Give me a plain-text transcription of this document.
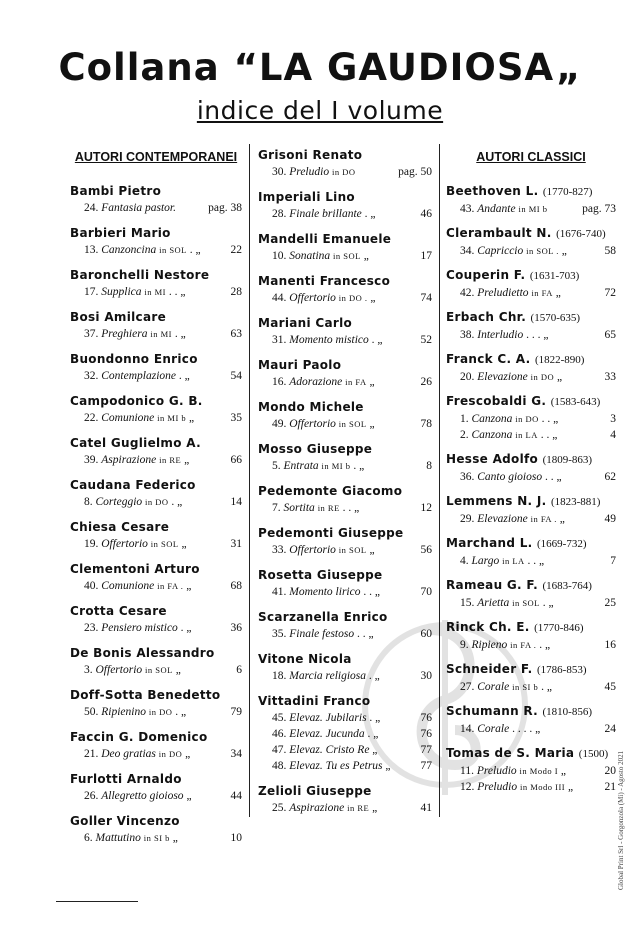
Collana “LA GAUDIOSA„
indice del I volume
AUTORI CONTEMPORANEI
Bambi Pietro
24. Fantasia pastor.	pag. 38
Barbieri Mario
13. Canzoncina in SOL . „	22
Baronchelli Nestore
17. Supplica in MI . . „	28
Bosi Amilcare
37. Preghiera in MI . „	63
Buondonno Enrico
32. Contemplazione . „	54
Campodonico G. B.
22. Comunione in MI b „	35
Catel Guglielmo A.
39. Aspirazione in RE „	66
Caudana Federico
8. Corteggio in DO . „	14
Chiesa Cesare
19. Offertorio in SOL „	31
Clementoni Arturo
40. Comunione in FA . „	68
Crotta Cesare
23. Pensiero mistico . „	36
De Bonis Alessandro
3. Offertorio in SOL „	6
Doff-Sotta Benedetto
50. Ripienino in DO . „	79
Faccin G. Domenico
21. Deo gratias in DO „	34
Furlotti Arnaldo
26. Allegretto gioioso „	44
Goller Vincenzo
6. Mattutino in SI b „	10
Grisoni Renato
30. Preludio in DO	pag. 50
Imperiali Lino
28. Finale brillante . „	46
Mandelli Emanuele
10. Sonatina in SOL „	17
Manenti Francesco
44. Offertorio in DO . „	74
Mariani Carlo
31. Momento mistico . „	52
Mauri Paolo
16. Adorazione in FA „	26
Mondo Michele
49. Offertorio in SOL „	78
Mosso Giuseppe
5. Entrata in MI b . „	8
Pedemonte Giacomo
7. Sortita in RE . . „	12
Pedemonti Giuseppe
33. Offertorio in SOL „	56
Rosetta Giuseppe
41. Momento lirico . . „	70
Scarzanella Enrico
35. Finale festoso . . „	60
Vitone Nicola
18. Marcia religiosa . „	30
Vittadini Franco
45. Elevaz. Jubilaris . „	76
46. Elevaz. Jucunda . „	76
47. Elevaz. Cristo Re „	77
48. Elevaz. Tu es Petrus „	77
Zelioli Giuseppe
25. Aspirazione in RE „	41
AUTORI CLASSICI
Beethoven L. (1770-827)
43. Andante in MI b	pag. 73
Clerambault N. (1676-740)
34. Capriccio in SOL . „	58
Couperin F. (1631-703)
42. Preludietto in FA „	72
Erbach Chr. (1570-635)
38. Interludio . . . „	65
Franck C. A. (1822-890)
20. Elevazione in DO „	33
Frescobaldi G. (1583-643)
1. Canzona in DO . . „	3
2. Canzona in LA . . „	4
Hesse Adolfo (1809-863)
36. Canto gioioso . . „	62
Lemmens N. J. (1823-881)
29. Elevazione in FA . „	49
Marchand L. (1669-732)
4. Largo in LA . . „	7
Rameau G. F. (1683-764)
15. Arietta in SOL . „	25
Rinck Ch. E. (1770-846)
9. Ripieno in FA . . „	16
Schneider F. (1786-853)
27. Corale in SI b . „	45
Schumann R. (1810-856)
14. Corale . . . . „	24
Tomas de S. Maria (1500)
11. Preludio in Modo I „	20
12. Preludio in Modo III „	21 Global Print Srl - Gorgonzola (Mi) - Agosto 2021
